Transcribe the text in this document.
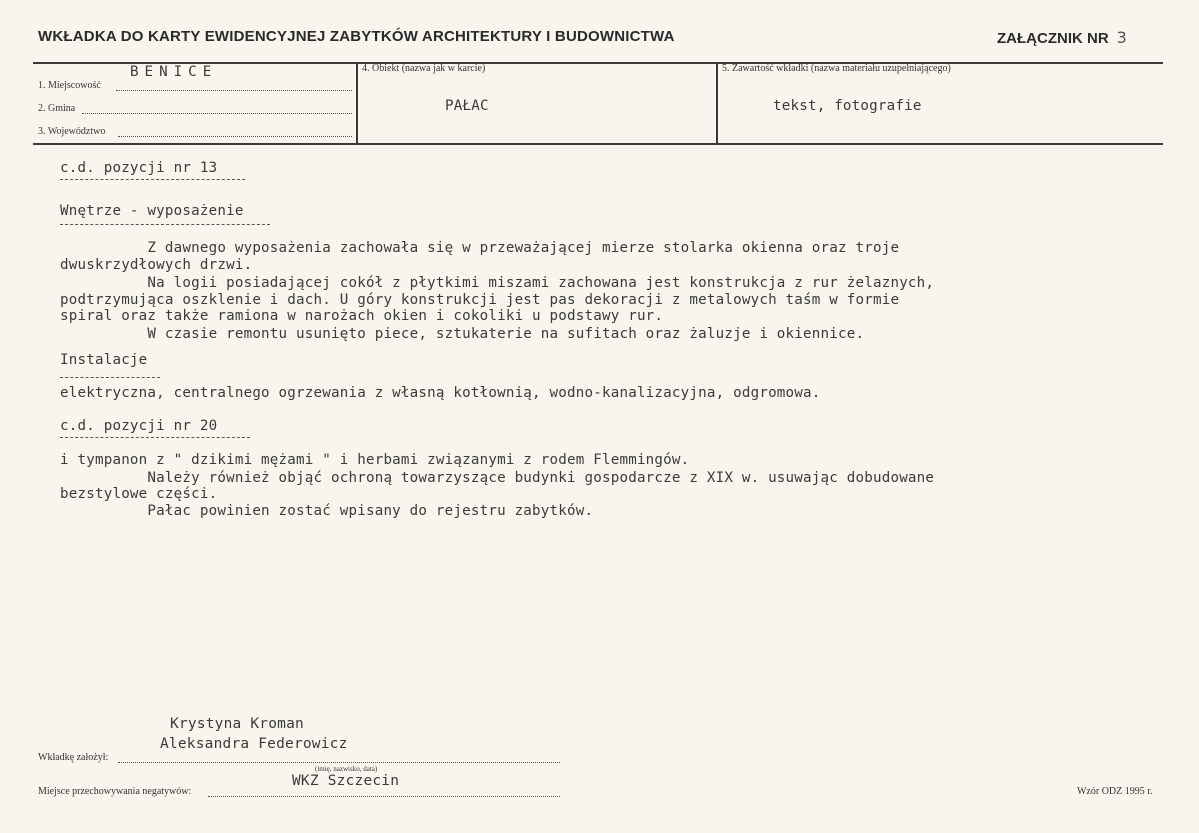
WKŁADKA DO KARTY EWIDENCYJNEJ ZABYTKÓW ARCHITEKTURY I BUDOWNICTWA	ZAŁĄCZNIK NR 3
1. Miejscowość
BENICE
2. Gmina
3. Województwo
4. Obiekt (nazwa jak w karcie)
PAŁAC
5. Zawartość wkładki (nazwa materiału uzupełniającego)
tekst, fotografie
c.d. pozycji nr 13
Wnętrze - wyposażenie
Z dawnego wyposażenia zachowała się w przeważającej mierze stolarka okienna oraz troje
dwuskrzydłowych drzwi.
Na logii posiadającej cokół z płytkimi miszami zachowana jest konstrukcja z rur żelaznych,
podtrzymująca oszklenie i dach. U góry konstrukcji jest pas dekoracji z metalowych taśm w formie
spiral oraz także ramiona w narożach okien i cokoliki u podstawy rur.
W czasie remontu usunięto piece, sztukaterie na sufitach oraz żaluzje i okiennice.
Instalacje
elektryczna, centralnego ogrzewania z własną kotłownią, wodno-kanalizacyjna, odgromowa.
c.d. pozycji nr 20
i tympanon z " dzikimi mężami " i herbami związanymi z rodem Flemmingów.
Należy również objąć ochroną towarzyszące budynki gospodarcze z XIX w. usuwając dobudowane
bezstylowe części.
Pałac powinien zostać wpisany do rejestru zabytków.
Krystyna Kroman
Aleksandra Federowicz
Wkładkę założył:
(imię, nazwisko, data)
WKZ Szczecin
Miejsce przechowywania negatywów:	Wzór ODZ 1995 r.
